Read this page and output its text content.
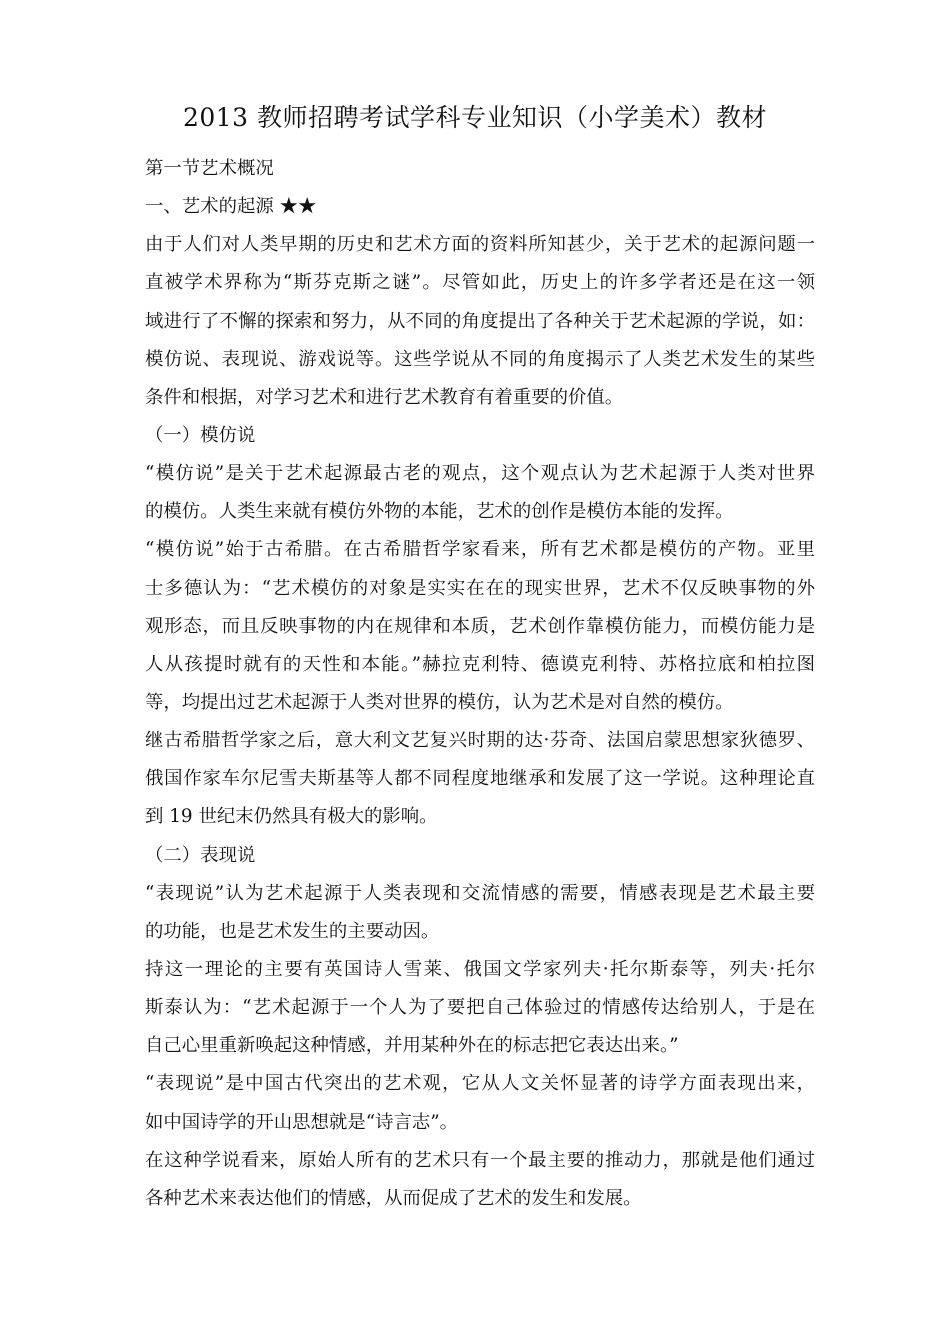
2013 教师招聘考试学科专业知识（小学美术）教材
第一节艺术概况
一、艺术的起源 ★★
由于人们对人类早期的历史和艺术方面的资料所知甚少，关于艺术的起源问题一
直被学术界称为“斯芬克斯之谜”。尽管如此，历史上的许多学者还是在这一领
域进行了不懈的探索和努力，从不同的角度提出了各种关于艺术起源的学说，如：
模仿说、表现说、游戏说等。这些学说从不同的角度揭示了人类艺术发生的某些
条件和根据，对学习艺术和进行艺术教育有着重要的价值。
（一）模仿说
“模仿说”是关于艺术起源最古老的观点，这个观点认为艺术起源于人类对世界
的模仿。人类生来就有模仿外物的本能，艺术的创作是模仿本能的发挥。
“模仿说”始于古希腊。在古希腊哲学家看来，所有艺术都是模仿的产物。亚里
士多德认为：“艺术模仿的对象是实实在在的现实世界，艺术不仅反映事物的外
观形态，而且反映事物的内在规律和本质，艺术创作靠模仿能力，而模仿能力是
人从孩提时就有的天性和本能。”赫拉克利特、德谟克利特、苏格拉底和柏拉图
等，均提出过艺术起源于人类对世界的模仿，认为艺术是对自然的模仿。
继古希腊哲学家之后，意大利文艺复兴时期的达·芬奇、法国启蒙思想家狄德罗、
俄国作家车尔尼雪夫斯基等人都不同程度地继承和发展了这一学说。这种理论直
到 19 世纪末仍然具有极大的影响。
（二）表现说
“表现说”认为艺术起源于人类表现和交流情感的需要，情感表现是艺术最主要
的功能，也是艺术发生的主要动因。
持这一理论的主要有英国诗人雪莱、俄国文学家列夫·托尔斯泰等，列夫·托尔
斯泰认为：“艺术起源于一个人为了要把自己体验过的情感传达给别人，于是在
自己心里重新唤起这种情感，并用某种外在的标志把它表达出来。”
“表现说”是中国古代突出的艺术观，它从人文关怀显著的诗学方面表现出来，
如中国诗学的开山思想就是“诗言志”。
在这种学说看来，原始人所有的艺术只有一个最主要的推动力，那就是他们通过
各种艺术来表达他们的情感，从而促成了艺术的发生和发展。
